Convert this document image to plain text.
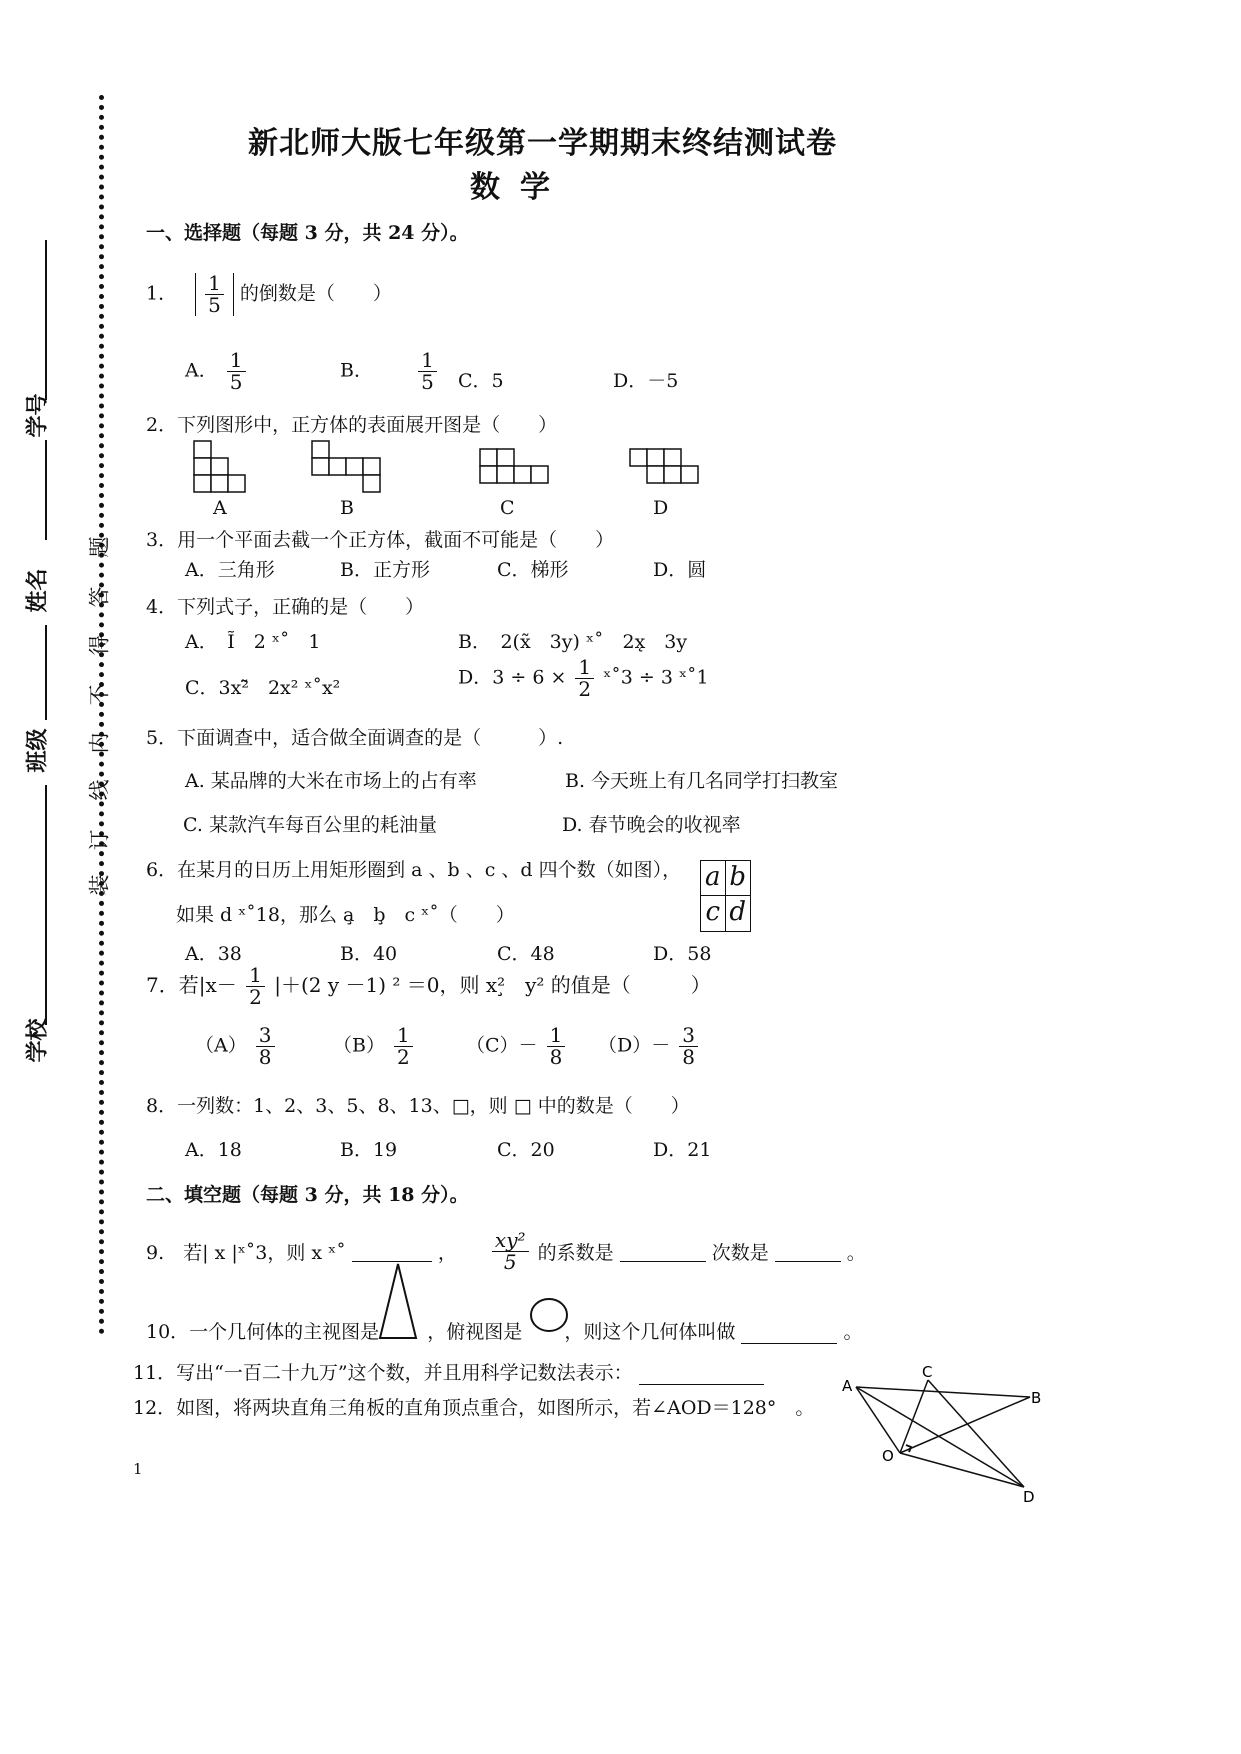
学号
姓名
班级
学校
装
订
线
内
不
得
答
题
新北师大版七年级第一学期期末终结测试卷
数学
一、选择题（每题 3 分，共 24 分）。
1． $\frac{1}{5}$ 的倒数是（　　）
A． $\frac{1}{5}$	B． $\frac{1}{5}$ C．5	D．－5
2．下列图形中，正方体的表面展开图是（　　）
A	B	C	D
3．用一个平面去截一个正方体，截面不可能是（　　）
A．三角形	B．正方形	C．梯形	D．圆
4．下列式子，正确的是（　　）
A．　Ĩ　2 ˣ˚　1	B．　2(x̃　3y) ˣ˚　2x̨　3y
C．3x²̃　2x² ˣ˚x²	D．$3 \div 6 \times \frac{1}{2}$ ˣ˚3 ÷ 3 ˣ˚1
5．下面调查中，适合做全面调查的是（　　　）.
A. 某品牌的大米在市场上的占有率	B. 今天班上有几名同学打扫教室
C. 某款汽车每百公里的耗油量	D. 春节晚会的收视率
6．在某月的日历上用矩形圈到 a 、b 、c 、d 四个数（如图），
如果 d ˣ˚18，那么 a̧　b̧　c ˣ˚（　　）
a b
c d
A．38	B．40	C．48	D．58
7．若$|x- \frac{1}{2} |+(2$ y －1) ² ＝0，则 x²̧　y² 的值是（　　　）
$(A) \frac{3}{8}$	$(B) \frac{1}{2}$	$(C)- \frac{1}{8} (D)- \frac{3}{8}$
8．一列数：1、2、3、5、8、13、□，则 □ 中的数是（　　）
A．18	B．19	C．20	D．21
二、填空题（每题 3 分，共 18 分）。
9.　若| x |ˣ˚3，则 x ˣ˚	， $\frac{\text{xy²}}{5}$ 的系数是	次数是	。
10．一个几何体的主视图是	，俯视图是 ，则这个几何体叫做	。
11．写出“一百二十九万”这个数，并且用科学记数法表示：
12．如图，将两块直角三角板的直角顶点重合，如图所示，若∠AOD＝128°　。
A
C
B
O
D
1
